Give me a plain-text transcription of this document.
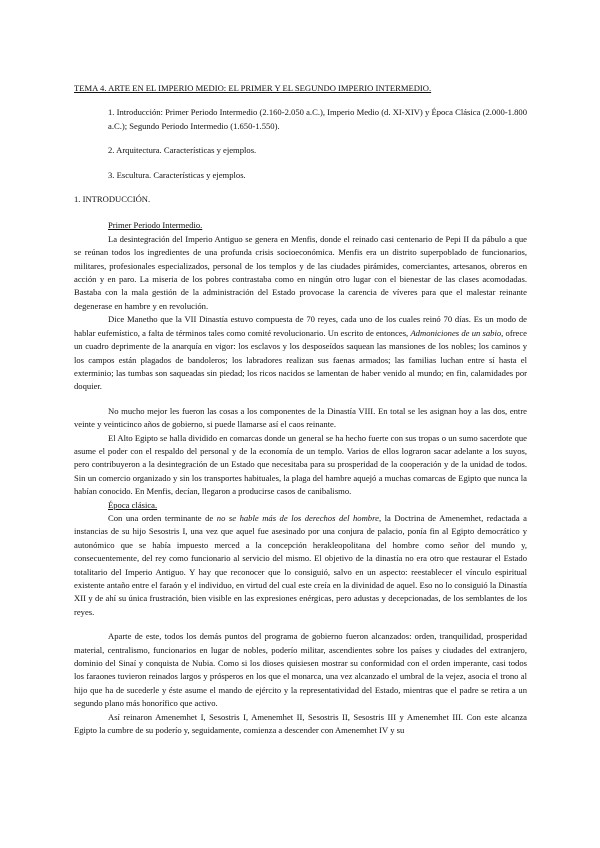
TEMA 4. ARTE EN EL IMPERIO MEDIO: EL PRIMER Y EL SEGUNDO IMPERIO INTERMEDIO.

1. Introducción: Primer Periodo Intermedio (2.160-2.050 a.C.), Imperio Medio (d. XI-XIV) y Época Clásica (2.000-1.800 a.C.); Segundo Periodo Intermedio (1.650-1.550).

2. Arquitectura. Características y ejemplos.

3. Escultura. Características y ejemplos.

1. INTRODUCCIÓN.
Primer Periodo Intermedio.

La desintegración del Imperio Antiguo se genera en Menfis, donde el reinado casi centenario de Pepi II da pábulo a que se reúnan todos los ingredientes de una profunda crisis socioeconómica. Menfis era un distrito superpoblado de funcionarios, militares, profesionales especializados, personal de los templos y de las ciudades pirámides, comerciantes, artesanos, obreros en acción y en paro. La miseria de los pobres contrastaba como en ningún otro lugar con el bienestar de las clases acomodadas. Bastaba con la mala gestión de la administración del Estado provocase la carencia de víveres para que el malestar reinante degenerase en hambre y en revolución.

Dice Manetho que la VII Dinastía estuvo compuesta de 70 reyes, cada uno de los cuales reinó 70 días. Es un modo de hablar eufemístico, a falta de términos tales como comité revolucionario. Un escrito de entonces, Admoniciones de un sabio, ofrece un cuadro deprimente de la anarquía en vigor: los esclavos y los desposeídos saquean las mansiones de los nobles; los caminos y los campos están plagados de bandoleros; los labradores realizan sus faenas armados; las familias luchan entre sí hasta el exterminio; las tumbas son saqueadas sin piedad; los ricos nacidos se lamentan de haber venido al mundo; en fin, calamidades por doquier.

No mucho mejor les fueron las cosas a los componentes de la Dinastía VIII. En total se les asignan hoy a las dos, entre veinte y veinticinco años de gobierno, si puede llamarse así el caos reinante.

El Alto Egipto se halla dividido en comarcas donde un general se ha hecho fuerte con sus tropas o un sumo sacerdote que asume el poder con el respaldo del personal y de la economía de un templo. Varios de ellos lograron sacar adelante a los suyos, pero contribuyeron a la desintegración de un Estado que necesitaba para su prosperidad de la cooperación y de la unidad de todos. Sin un comercio organizado y sin los transportes habituales, la plaga del hambre aquejó a muchas comarcas de Egipto que nunca la habían conocido. En Menfis, decían, llegaron a producirse casos de canibalismo.

Época clásica.

Con una orden terminante de no se hable más de los derechos del hombre, la Doctrina de Amenemhet, redactada a instancias de su hijo Sesostris I, una vez que aquel fue asesinado por una conjura de palacio, ponía fin al Egipto democrático y autonómico que se había impuesto merced a la concepción herakleopolitana del hombre como señor del mundo y, consecuentemente, del rey como funcionario al servicio del mismo. El objetivo de la dinastía no era otro que restaurar el Estado totalitario del Imperio Antiguo. Y hay que reconocer que lo consiguió, salvo en un aspecto: reestablecer el vínculo espiritual existente antaño entre el faraón y el individuo, en virtud del cual este creía en la divinidad de aquel. Eso no lo consiguió la Dinastía XII y de ahí su única frustración, bien visible en las expresiones enérgicas, pero adustas y decepcionadas, de los semblantes de los reyes.

Aparte de este, todos los demás puntos del programa de gobierno fueron alcanzados: orden, tranquilidad, prosperidad material, centralismo, funcionarios en lugar de nobles, poderío militar, ascendientes sobre los países y ciudades del extranjero, dominio del Sinaí y conquista de Nubia. Como si los dioses quisiesen mostrar su conformidad con el orden imperante, casi todos los faraones tuvieron reinados largos y prósperos en los que el monarca, una vez alcanzado el umbral de la vejez, asocia el trono al hijo que ha de sucederle y éste asume el mando de ejército y la representatividad del Estado, mientras que el padre se retira a un segundo plano más honorífico que activo.

Así reinaron Amenemhet I, Sesostris I, Amenemhet II, Sesostris II, Sesostris III y Amenemhet III. Con este alcanza Egipto la cumbre de su poderío y, seguidamente, comienza a descender con Amenemhet IV y su
